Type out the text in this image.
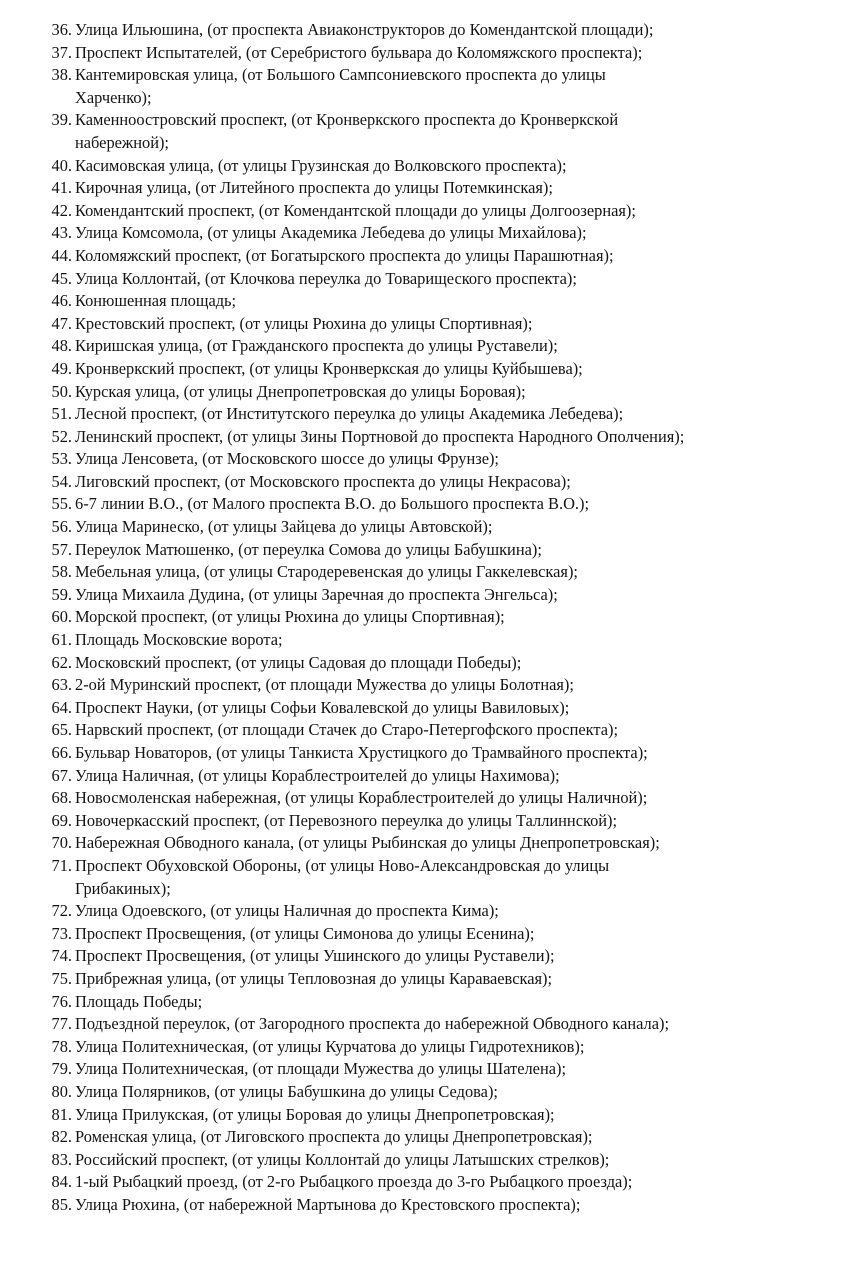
36. Улица Ильюшина, (от проспекта Авиаконструкторов до Комендантской площади);
37. Проспект Испытателей, (от Серебристого бульвара до Коломяжского проспекта);
38. Кантемировская улица, (от Большого Сампсониевского проспекта до улицы
Харченко);
39. Каменноостровский проспект, (от Кронверкского проспекта до Кронверкской
набережной);
40. Касимовская улица, (от улицы Грузинская до Волковского проспекта);
41. Кирочная улица, (от Литейного проспекта до улицы Потемкинская);
42. Комендантский проспект, (от Комендантской площади до улицы Долгоозерная);
43. Улица Комсомола, (от улицы Академика Лебедева до улицы Михайлова);
44. Коломяжский проспект, (от Богатырского проспекта до улицы Парашютная);
45. Улица Коллонтай, (от Клочкова переулка до Товарищеского проспекта);
46. Конюшенная площадь;
47. Крестовский проспект, (от улицы Рюхина до улицы Спортивная);
48. Киришская улица, (от Гражданского проспекта до улицы Руставели);
49. Кронверкский проспект, (от улицы Кронверкская до улицы Куйбышева);
50. Курская улица, (от улицы Днепропетровская до улицы Боровая);
51. Лесной проспект, (от Институтского переулка до улицы Академика Лебедева);
52. Ленинский проспект, (от улицы Зины Портновой до проспекта Народного Ополчения);
53. Улица Ленсовета, (от Московского шоссе до улицы Фрунзе);
54. Лиговский проспект, (от Московского проспекта до улицы Некрасова);
55. 6-7 линии В.О., (от Малого проспекта В.О. до Большого проспекта В.О.);
56. Улица Маринеско, (от улицы Зайцева до улицы Автовской);
57. Переулок Матюшенко, (от переулка Сомова до улицы Бабушкина);
58. Мебельная улица, (от улицы Стародеревенская до улицы Гаккелевская);
59. Улица Михаила Дудина, (от улицы Заречная до проспекта Энгельса);
60. Морской проспект, (от улицы Рюхина до улицы Спортивная);
61. Площадь Московские ворота;
62. Московский проспект, (от улицы Садовая до площади Победы);
63. 2-ой Муринский проспект, (от площади Мужества до улицы Болотная);
64. Проспект Науки, (от улицы Софьи Ковалевской до улицы Вавиловых);
65. Нарвский проспект, (от площади Стачек до Старо-Петергофского проспекта);
66. Бульвар Новаторов, (от улицы Танкиста Хрустицкого до Трамвайного проспекта);
67. Улица Наличная, (от улицы Кораблестроителей до улицы Нахимова);
68. Новосмоленская набережная, (от улицы Кораблестроителей до улицы Наличной);
69. Новочеркасский проспект, (от Перевозного переулка до улицы Таллиннской);
70. Набережная Обводного канала, (от улицы Рыбинская до улицы Днепропетровская);
71. Проспект Обуховской Обороны, (от улицы Ново-Александровская до улицы
Грибакиных);
72. Улица Одоевского, (от улицы Наличная до проспекта Кима);
73. Проспект Просвещения, (от улицы Симонова до улицы Есенина);
74. Проспект Просвещения, (от улицы Ушинского до улицы Руставели);
75. Прибрежная улица, (от улицы Тепловозная до улицы Караваевская);
76. Площадь Победы;
77. Подъездной переулок, (от Загородного проспекта до набережной Обводного канала);
78. Улица Политехническая, (от улицы Курчатова до улицы Гидротехников);
79. Улица Политехническая, (от площади Мужества до улицы Шателена);
80. Улица Полярников, (от улицы Бабушкина до улицы Седова);
81. Улица Прилукская, (от улицы Боровая до улицы Днепропетровская);
82. Роменская улица, (от Лиговского проспекта до улицы Днепропетровская);
83. Российский проспект, (от улицы Коллонтай до улицы Латышских стрелков);
84. 1-ый Рыбацкий проезд, (от 2-го Рыбацкого проезда до 3-го Рыбацкого проезда);
85. Улица Рюхина, (от набережной Мартынова до Крестовского проспекта);
